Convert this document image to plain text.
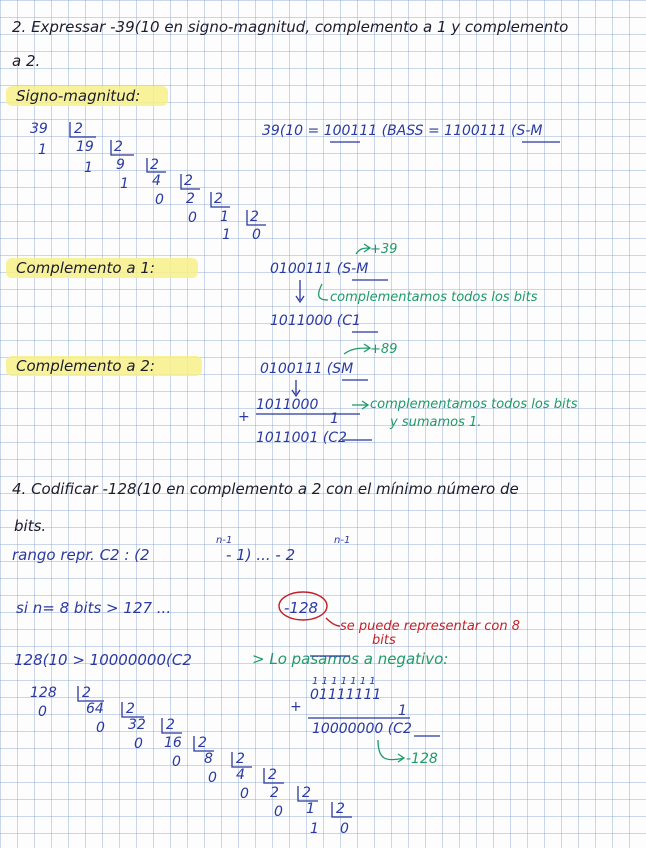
2. Expressar -39(10 en signo-magnitud, complemento a 1 y complemento
a 2.
Signo-magnitud:
39 2
19 2
9 2
4 2
2 2
1 2
1
1
1
0
0
1 0
39(10 = 100111 (BASS = 1100111 (S-M
Complemento a 1:
+39
0100111 (S-M
complementamos todos los bits
1011000 (C1
Complemento a 2:
+89
0100111 (SM
1011000	complementamos todos los bits
y sumamos 1.
+	1
1011001 (C2
4. Codificar -128(10 en complemento a 2 con el mínimo número de
bits.
rango repr. C2 : (2
n-1
- 1) ... - 2
n-1
si n= 8 bits > 127 ...	-128
se puede representar con 8
bits
128(10 > 10000000(C2	> Lo pasamos a negativo:
1 1 1 1 1 1 1
01111111
+	1
10000000 (C2
-128
128 2
64 2
32 2
16 2
8 2
4 2
2 2
1 2
0
0
0
0
0
0
0
1 0
